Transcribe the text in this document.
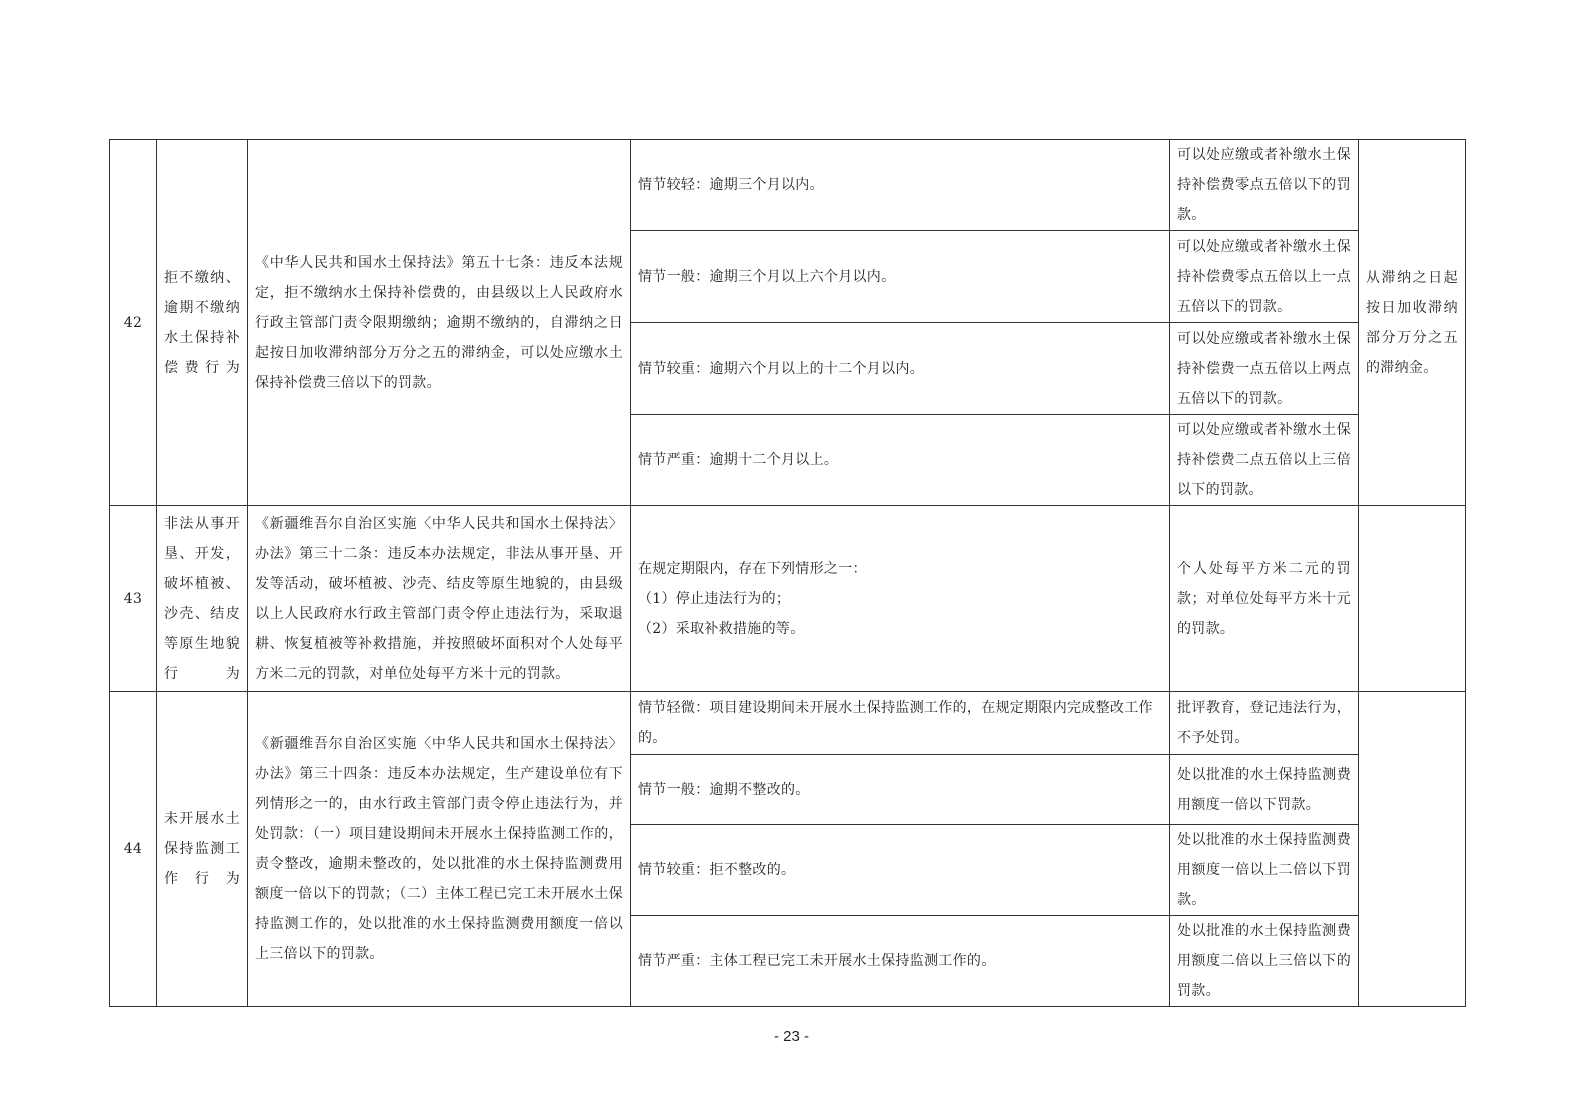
42	拒不缴纳、逾期不缴纳水土保持补偿费行为	《中华人民共和国水土保持法》第五十七条：违反本法规定，拒不缴纳水土保持补偿费的，由县级以上人民政府水行政主管部门责令限期缴纳；逾期不缴纳的，自滞纳之日起按日加收滞纳部分万分之五的滞纳金，可以处应缴水土保持补偿费三倍以下的罚款。	情节较轻：逾期三个月以内。	可以处应缴或者补缴水土保持补偿费零点五倍以下的罚款。	从滞纳之日起按日加收滞纳部分万分之五的滞纳金。
			情节一般：逾期三个月以上六个月以内。	可以处应缴或者补缴水土保持补偿费零点五倍以上一点五倍以下的罚款。	
			情节较重：逾期六个月以上的十二个月以内。	可以处应缴或者补缴水土保持补偿费一点五倍以上两点五倍以下的罚款。	
			情节严重：逾期十二个月以上。	可以处应缴或者补缴水土保持补偿费二点五倍以上三倍以下的罚款。	
43	非法从事开垦、开发，破坏植被、沙壳、结皮等原生地貌行为	《新疆维吾尔自治区实施〈中华人民共和国水土保持法〉办法》第三十二条：违反本办法规定，非法从事开垦、开发等活动，破坏植被、沙壳、结皮等原生地貌的，由县级以上人民政府水行政主管部门责令停止违法行为，采取退耕、恢复植被等补救措施，并按照破坏面积对个人处每平方米二元的罚款，对单位处每平方米十元的罚款。	在规定期限内，存在下列情形之一：
（1）停止违法行为的；
（2）采取补救措施的等。	个人处每平方米二元的罚款；对单位处每平方米十元的罚款。	
44	未开展水土保持监测工作行为	《新疆维吾尔自治区实施〈中华人民共和国水土保持法〉办法》第三十四条：违反本办法规定，生产建设单位有下列情形之一的，由水行政主管部门责令停止违法行为，并处罚款：（一）项目建设期间未开展水土保持监测工作的，责令整改，逾期未整改的，处以批准的水土保持监测费用额度一倍以下的罚款；（二）主体工程已完工未开展水土保持监测工作的，处以批准的水土保持监测费用额度一倍以上三倍以下的罚款。	情节轻微：项目建设期间未开展水土保持监测工作的，在规定期限内完成整改工作的。	批评教育，登记违法行为，不予处罚。	
			情节一般：逾期不整改的。	处以批准的水土保持监测费用额度一倍以下罚款。	
			情节较重：拒不整改的。	处以批准的水土保持监测费用额度一倍以上二倍以下罚款。	
			情节严重：主体工程已完工未开展水土保持监测工作的。	处以批准的水土保持监测费用额度二倍以上三倍以下的罚款。	
- 23 -
